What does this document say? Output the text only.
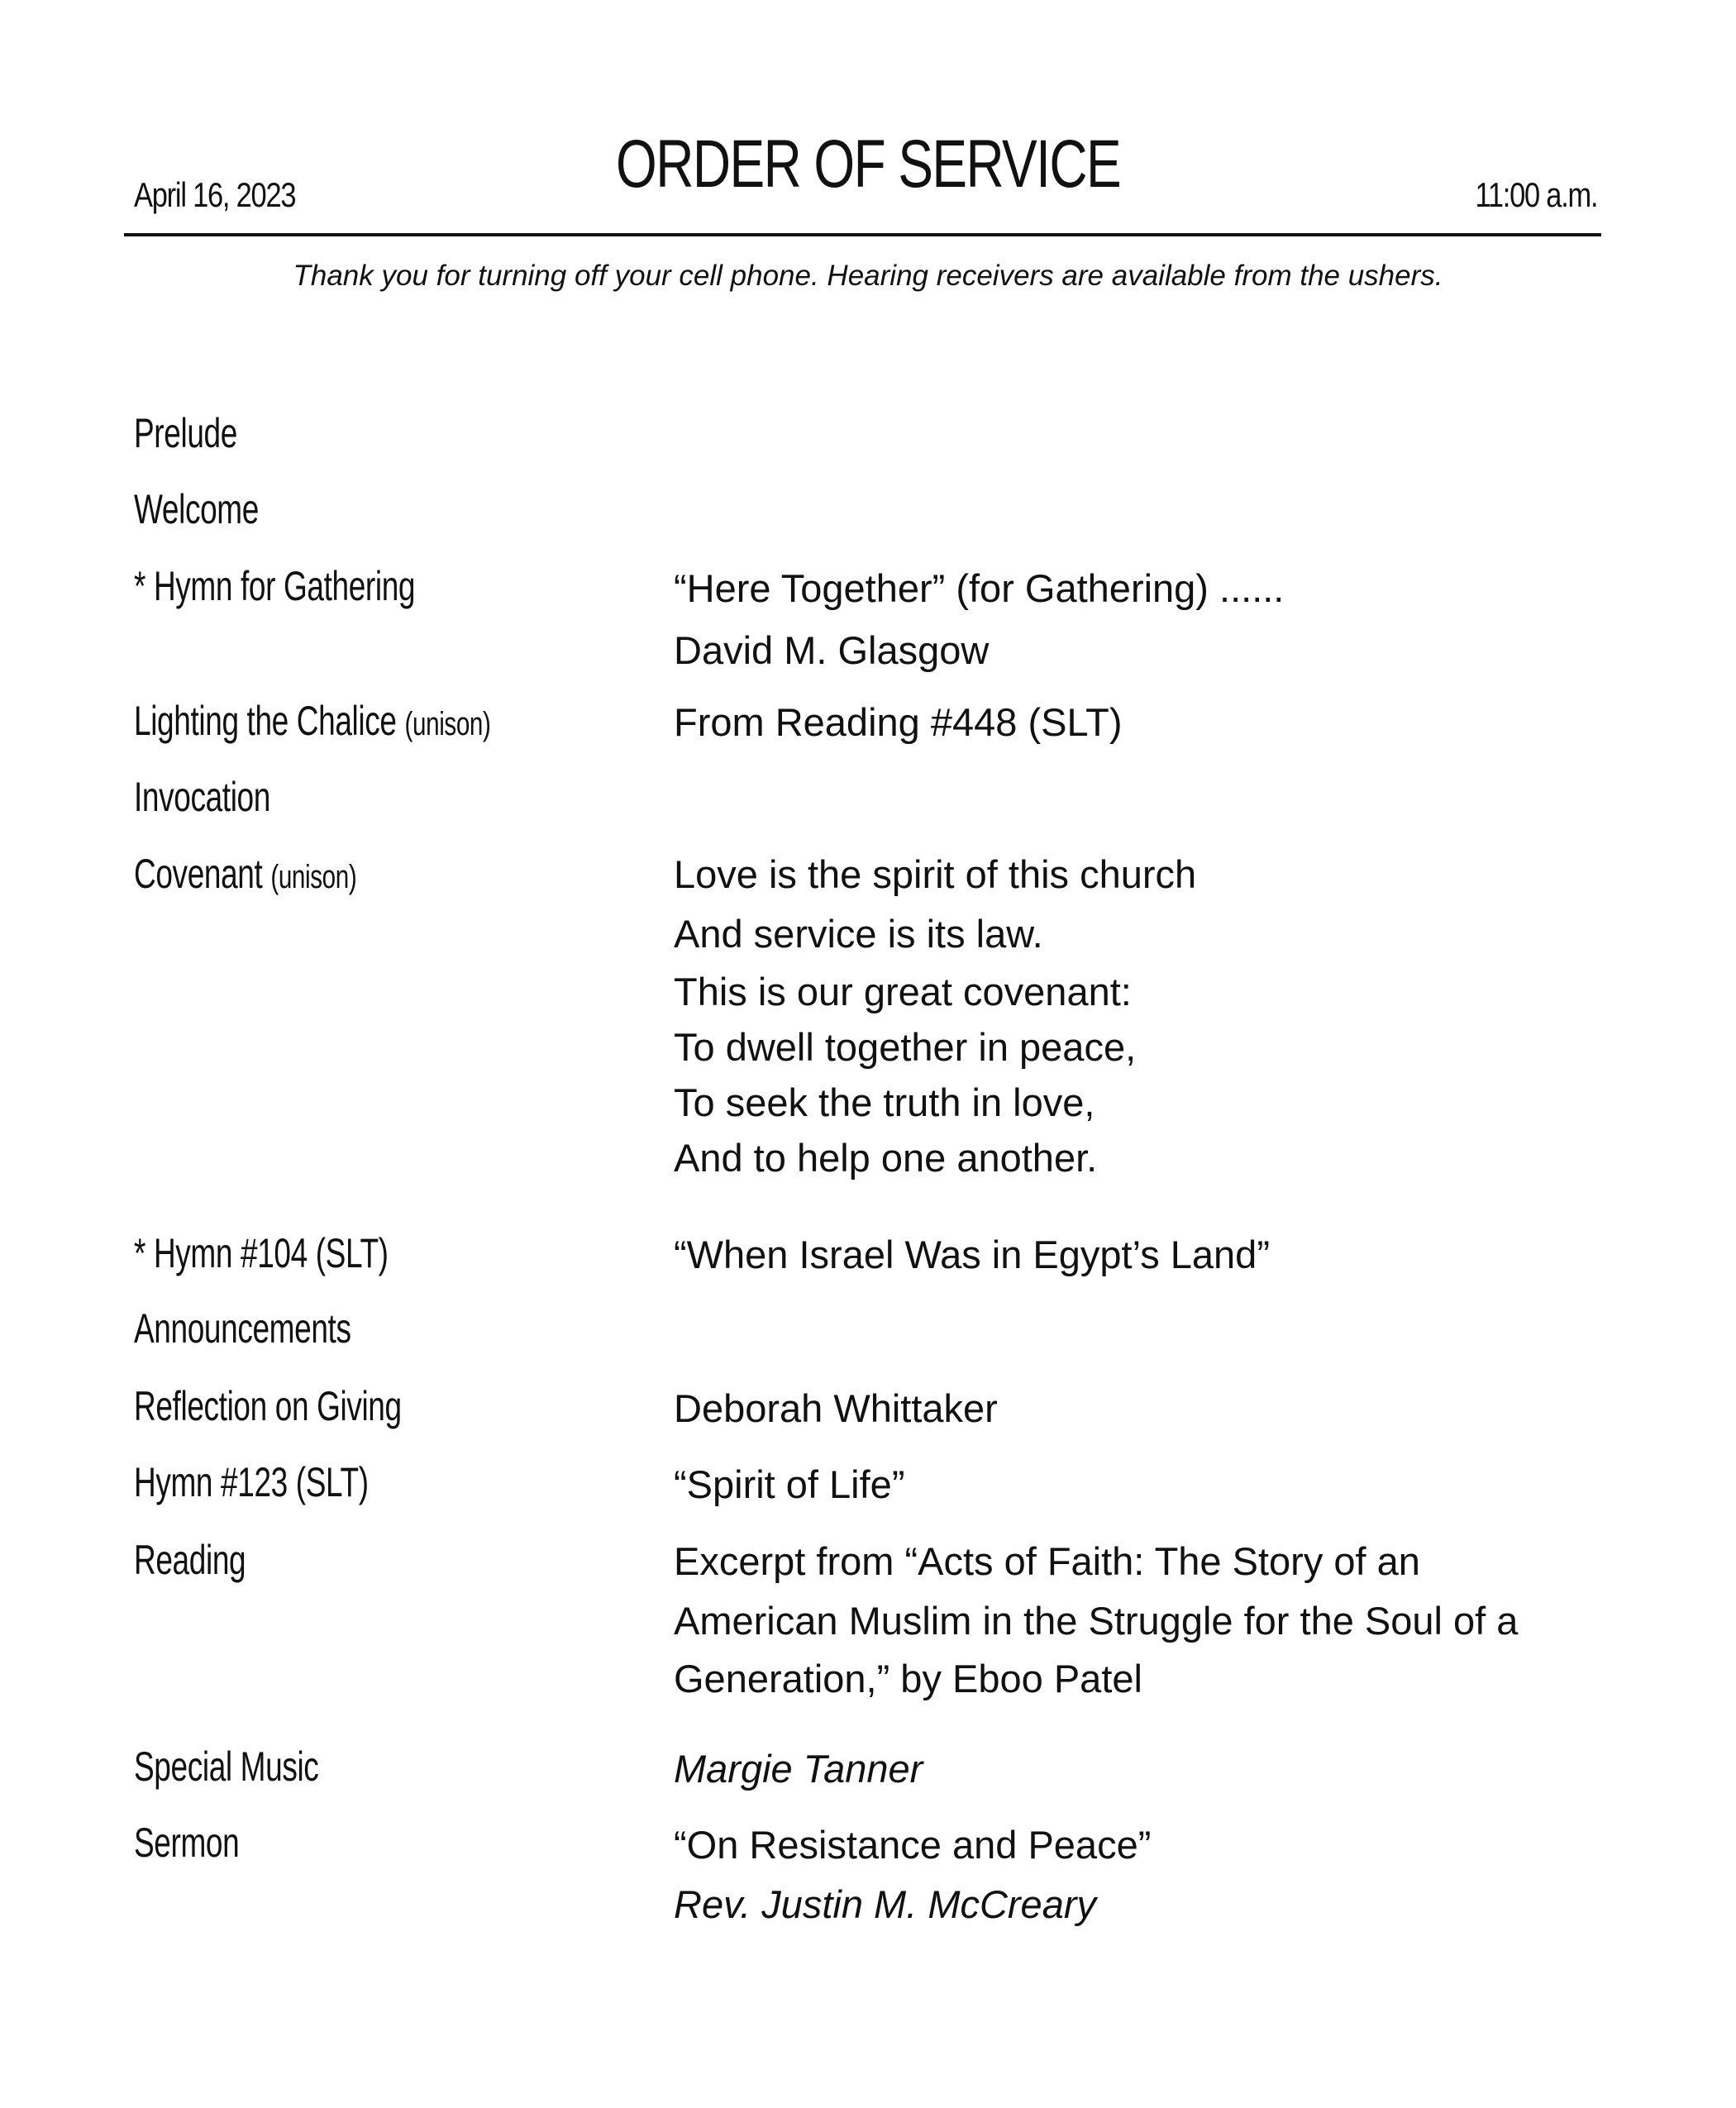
April 16, 2023	ORDER OF SERVICE	11:00 a.m.
Thank you for turning off your cell phone. Hearing receivers are available from the ushers.
Prelude
Welcome
* Hymn for Gathering	“Here Together” (for Gathering) ......
David M. Glasgow
Lighting the Chalice (unison)	From Reading #448 (SLT)
Invocation
Covenant (unison)	Love is the spirit of this church
And service is its law.
This is our great covenant:
To dwell together in peace,
To seek the truth in love,
And to help one another.
* Hymn #104 (SLT)	“When Israel Was in Egypt’s Land”
Announcements
Reflection on Giving	Deborah Whittaker
Hymn #123 (SLT)	“Spirit of Life”
Reading	Excerpt from “Acts of Faith: The Story of an
American Muslim in the Struggle for the Soul of a
Generation,” by Eboo Patel
Special Music	Margie Tanner
Sermon	“On Resistance and Peace”
Rev. Justin M. McCreary
